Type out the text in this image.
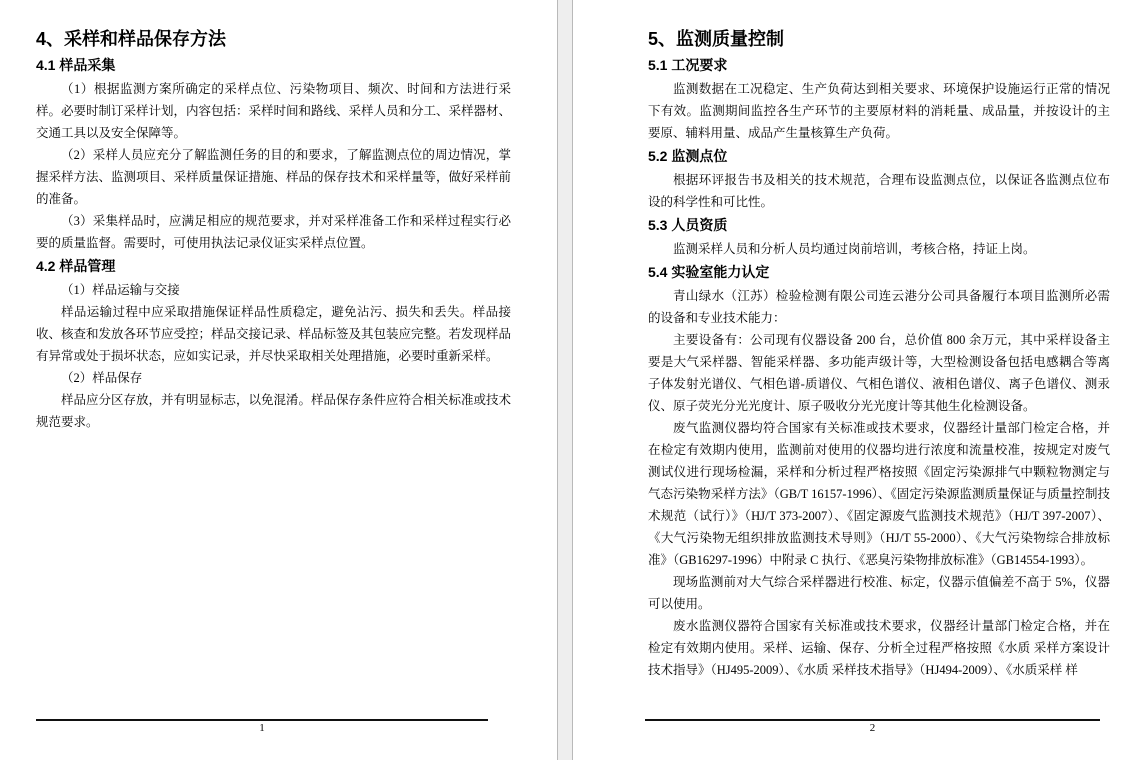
4、采样和样品保存方法
4.1 样品采集
（1）根据监测方案所确定的采样点位、污染物项目、频次、时间和方法进行采样。必要时制订采样计划，内容包括：采样时间和路线、采样人员和分工、采样器材、交通工具以及安全保障等。
（2）采样人员应充分了解监测任务的目的和要求，了解监测点位的周边情况，掌握采样方法、监测项目、采样质量保证措施、样品的保存技术和采样量等，做好采样前的准备。
（3）采集样品时，应满足相应的规范要求，并对采样准备工作和采样过程实行必要的质量监督。需要时，可使用执法记录仪证实采样点位置。
4.2 样品管理
（1）样品运输与交接
样品运输过程中应采取措施保证样品性质稳定，避免沾污、损失和丢失。样品接收、核查和发放各环节应受控；样品交接记录、样品标签及其包装应完整。若发现样品有异常或处于损坏状态，应如实记录，并尽快采取相关处理措施，必要时重新采样。
（2）样品保存
样品应分区存放，并有明显标志，以免混淆。样品保存条件应符合相关标准或技术规范要求。
1
5、监测质量控制
5.1 工况要求
监测数据在工况稳定、生产负荷达到相关要求、环境保护设施运行正常的情况下有效。监测期间监控各生产环节的主要原材料的消耗量、成品量，并按设计的主要原、辅料用量、成品产生量核算生产负荷。
5.2 监测点位
根据环评报告书及相关的技术规范，合理布设监测点位，以保证各监测点位布设的科学性和可比性。
5.3 人员资质
监测采样人员和分析人员均通过岗前培训，考核合格，持证上岗。
5.4 实验室能力认定
青山绿水（江苏）检验检测有限公司连云港分公司具备履行本项目监测所必需的设备和专业技术能力：
主要设备有：公司现有仪器设备 200 台，总价值 800 余万元，其中采样设备主要是大气采样器、智能采样器、多功能声级计等，大型检测设备包括电感耦合等离子体发射光谱仪、气相色谱-质谱仪、气相色谱仪、液相色谱仪、离子色谱仪、测汞仪、原子荧光分光光度计、原子吸收分光光度计等其他生化检测设备。
废气监测仪器均符合国家有关标准或技术要求，仪器经计量部门检定合格，并在检定有效期内使用，监测前对使用的仪器均进行浓度和流量校准，按规定对废气测试仪进行现场检漏，采样和分析过程严格按照《固定污染源排气中颗粒物测定与气态污染物采样方法》（GB/T 16157-1996）、《固定污染源监测质量保证与质量控制技术规范（试行）》（HJ/T 373-2007）、《固定源废气监测技术规范》（HJ/T 397-2007）、《大气污染物无组织排放监测技术导则》（HJ/T 55-2000）、《大气污染物综合排放标准》（GB16297-1996）中附录 C 执行、《恶臭污染物排放标准》（GB14554-1993）。
现场监测前对大气综合采样器进行校准、标定，仪器示值偏差不高于 5%，仪器可以使用。
废水监测仪器符合国家有关标准或技术要求，仪器经计量部门检定合格，并在检定有效期内使用。采样、运输、保存、分析全过程严格按照《水质 采样方案设计技术指导》（HJ495-2009）、《水质 采样技术指导》（HJ494-2009）、《水质采样 样
2
